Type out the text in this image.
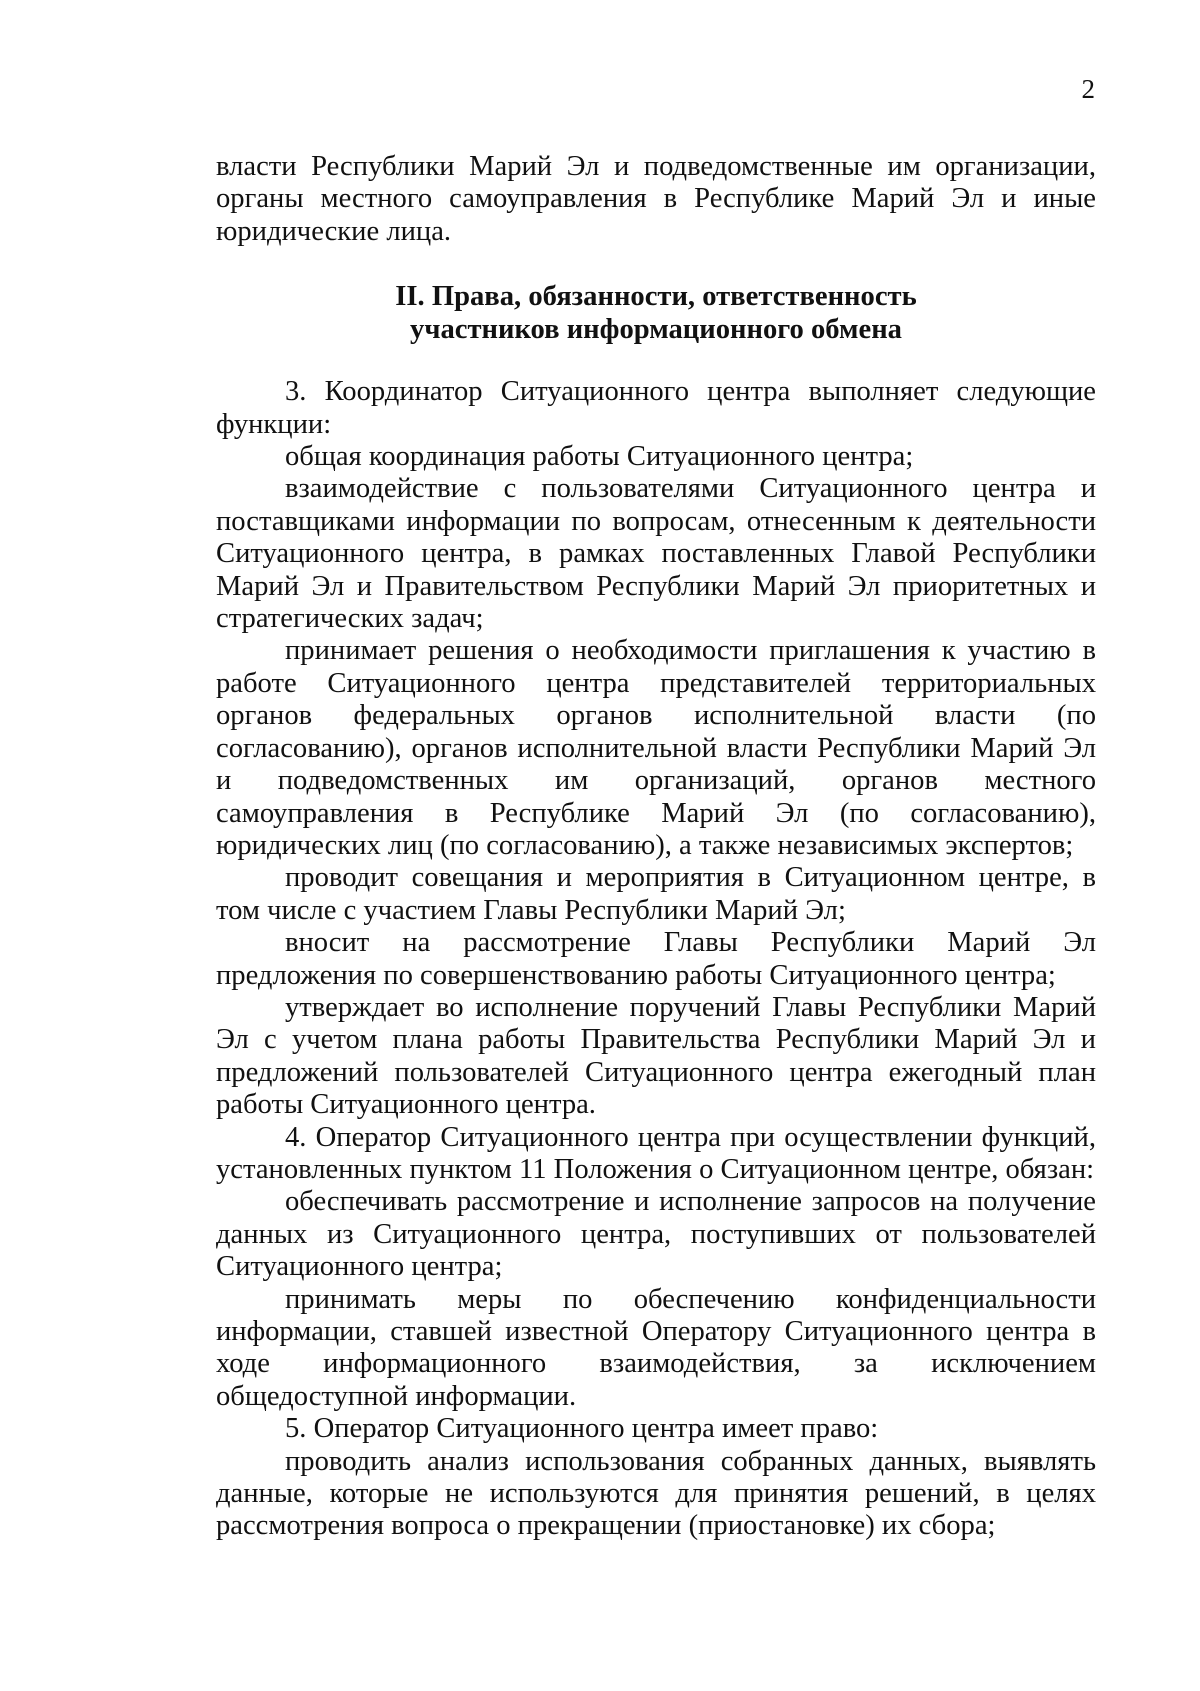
2

власти Республики Марий Эл и подведомственные им организации, органы местного самоуправления в Республике Марий Эл и иные юридические лица.

II. Права, обязанности, ответственность
участников информационного обмена

3. Координатор Ситуационного центра выполняет следующие функции:

общая координация работы Ситуационного центра;

взаимодействие с пользователями Ситуационного центра и поставщиками информации по вопросам, отнесенным к деятельности Ситуационного центра, в рамках поставленных Главой Республики Марий Эл и Правительством Республики Марий Эл приоритетных и стратегических задач;

принимает решения о необходимости приглашения к участию в работе Ситуационного центра представителей территориальных органов федеральных органов исполнительной власти (по согласованию), органов исполнительной власти Республики Марий Эл и подведомственных им организаций, органов местного самоуправления в Республике Марий Эл (по согласованию), юридических лиц (по согласованию), а также независимых экспертов;

проводит совещания и мероприятия в Ситуационном центре, в том числе с участием Главы Республики Марий Эл;

вносит на рассмотрение Главы Республики Марий Эл предложения по совершенствованию работы Ситуационного центра;

утверждает во исполнение поручений Главы Республики Марий Эл с учетом плана работы Правительства Республики Марий Эл и предложений пользователей Ситуационного центра ежегодный план работы Ситуационного центра.

4. Оператор Ситуационного центра при осуществлении функций, установленных пунктом 11 Положения о Ситуационном центре, обязан:

обеспечивать рассмотрение и исполнение запросов на получение данных из Ситуационного центра, поступивших от пользователей Ситуационного центра;

принимать меры по обеспечению конфиденциальности информации, ставшей известной Оператору Ситуационного центра в ходе информационного взаимодействия, за исключением общедоступной информации.

5. Оператор Ситуационного центра имеет право:

проводить анализ использования собранных данных, выявлять данные, которые не используются для принятия решений, в целях рассмотрения вопроса о прекращении (приостановке) их сбора;
